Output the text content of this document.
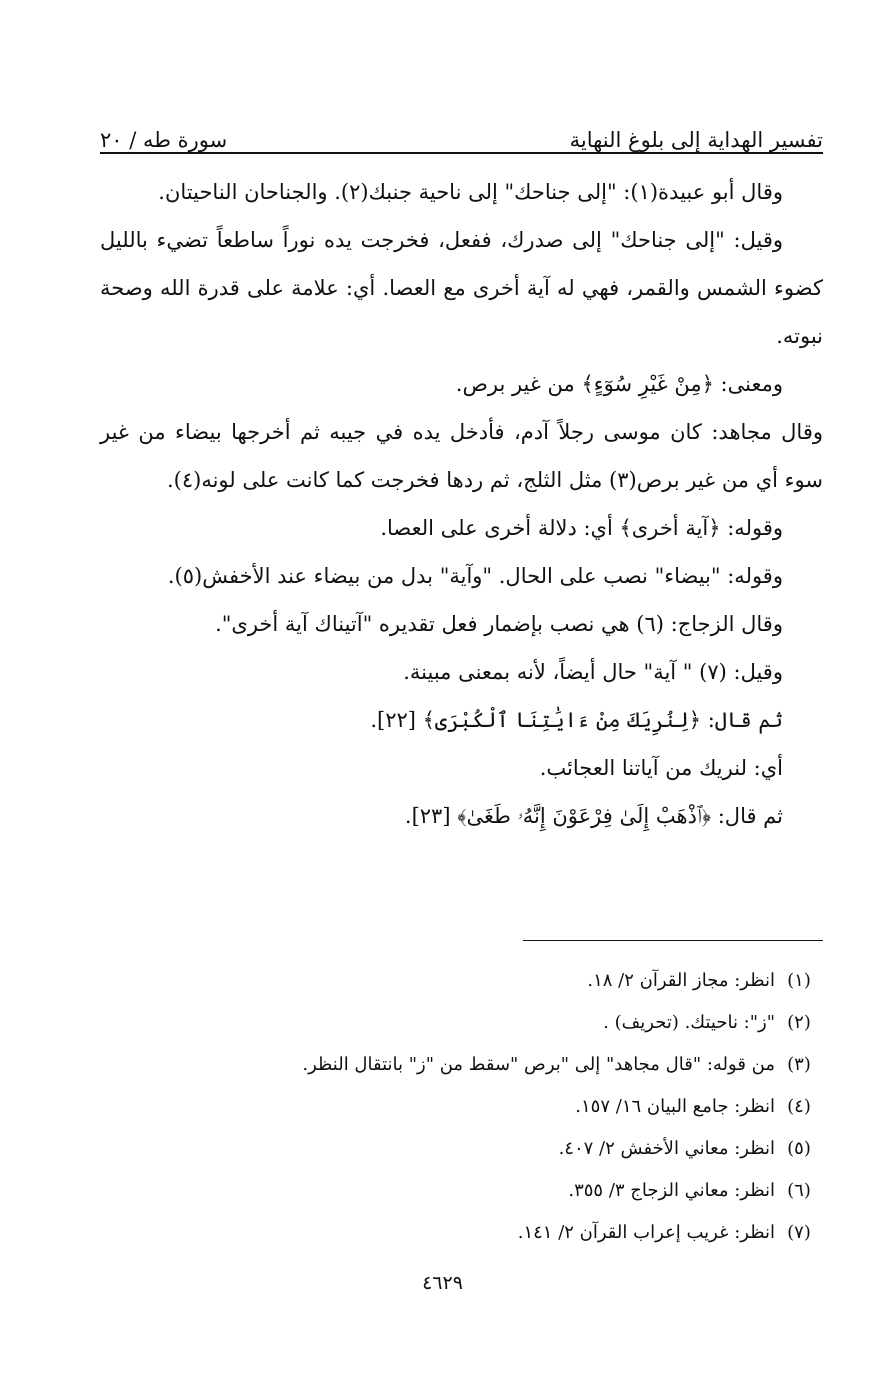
تفسير الهداية إلى بلوغ النهاية
سورة طه / ٢٠

وقال أبو عبيدة(١): "إلى جناحك" إلى ناحية جنبك(٢). والجناحان الناحيتان.

وقيل: "إلى جناحك" إلى صدرك، ففعل، فخرجت يده نوراً ساطعاً تضيء بالليل كضوء الشمس والقمر، فهي له آية أخرى مع العصا. أي: علامة على قدرة الله وصحة نبوته.

ومعنى: ﴿مِنْ غَيْرِ سُوٓءٍ﴾ من غير برص.

وقال مجاهد: كان موسى رجلاً آدم، فأدخل يده في جيبه ثم أخرجها بيضاء من غير سوء أي من غير برص(٣) مثل الثلج، ثم ردها فخرجت كما كانت على لونه(٤).

وقوله: ﴿آية أخرى﴾ أي: دلالة أخرى على العصا.

وقوله: "بيضاء" نصب على الحال. "وآية" بدل من بيضاء عند الأخفش(٥).

وقال الزجاج: (٦) هي نصب بإضمار فعل تقديره "آتيناك آية أخرى".

وقيل: (٧) " آية" حال أيضاً، لأنه بمعنى مبينة.

ثم قال: ﴿لِنُرِيَكَ مِنْ ءَايَٰتِنَا ٱلْكُبْرَى﴾ [٢٢].

أي: لنريك من آياتنا العجائب.

ثم قال: ﴿ٱذْهَبْ إِلَىٰ فِرْعَوْنَ إِنَّهُۥ طَغَىٰ﴾ [٢٣].

(١)
انظر: مجاز القرآن ٢/ ١٨.
(٢)
"ز": ناحيتك. (تحريف) .
(٣)
من قوله: "قال مجاهد" إلى "برص "سقط من "ز" بانتقال النظر.
(٤)
انظر: جامع البيان ١٦/ ١٥٧.
(٥)
انظر: معاني الأخفش ٢/ ٤٠٧.
(٦)
انظر: معاني الزجاج ٣/ ٣٥٥.
(٧)
انظر: غريب إعراب القرآن ٢/ ١٤١.
٤٦٢٩
